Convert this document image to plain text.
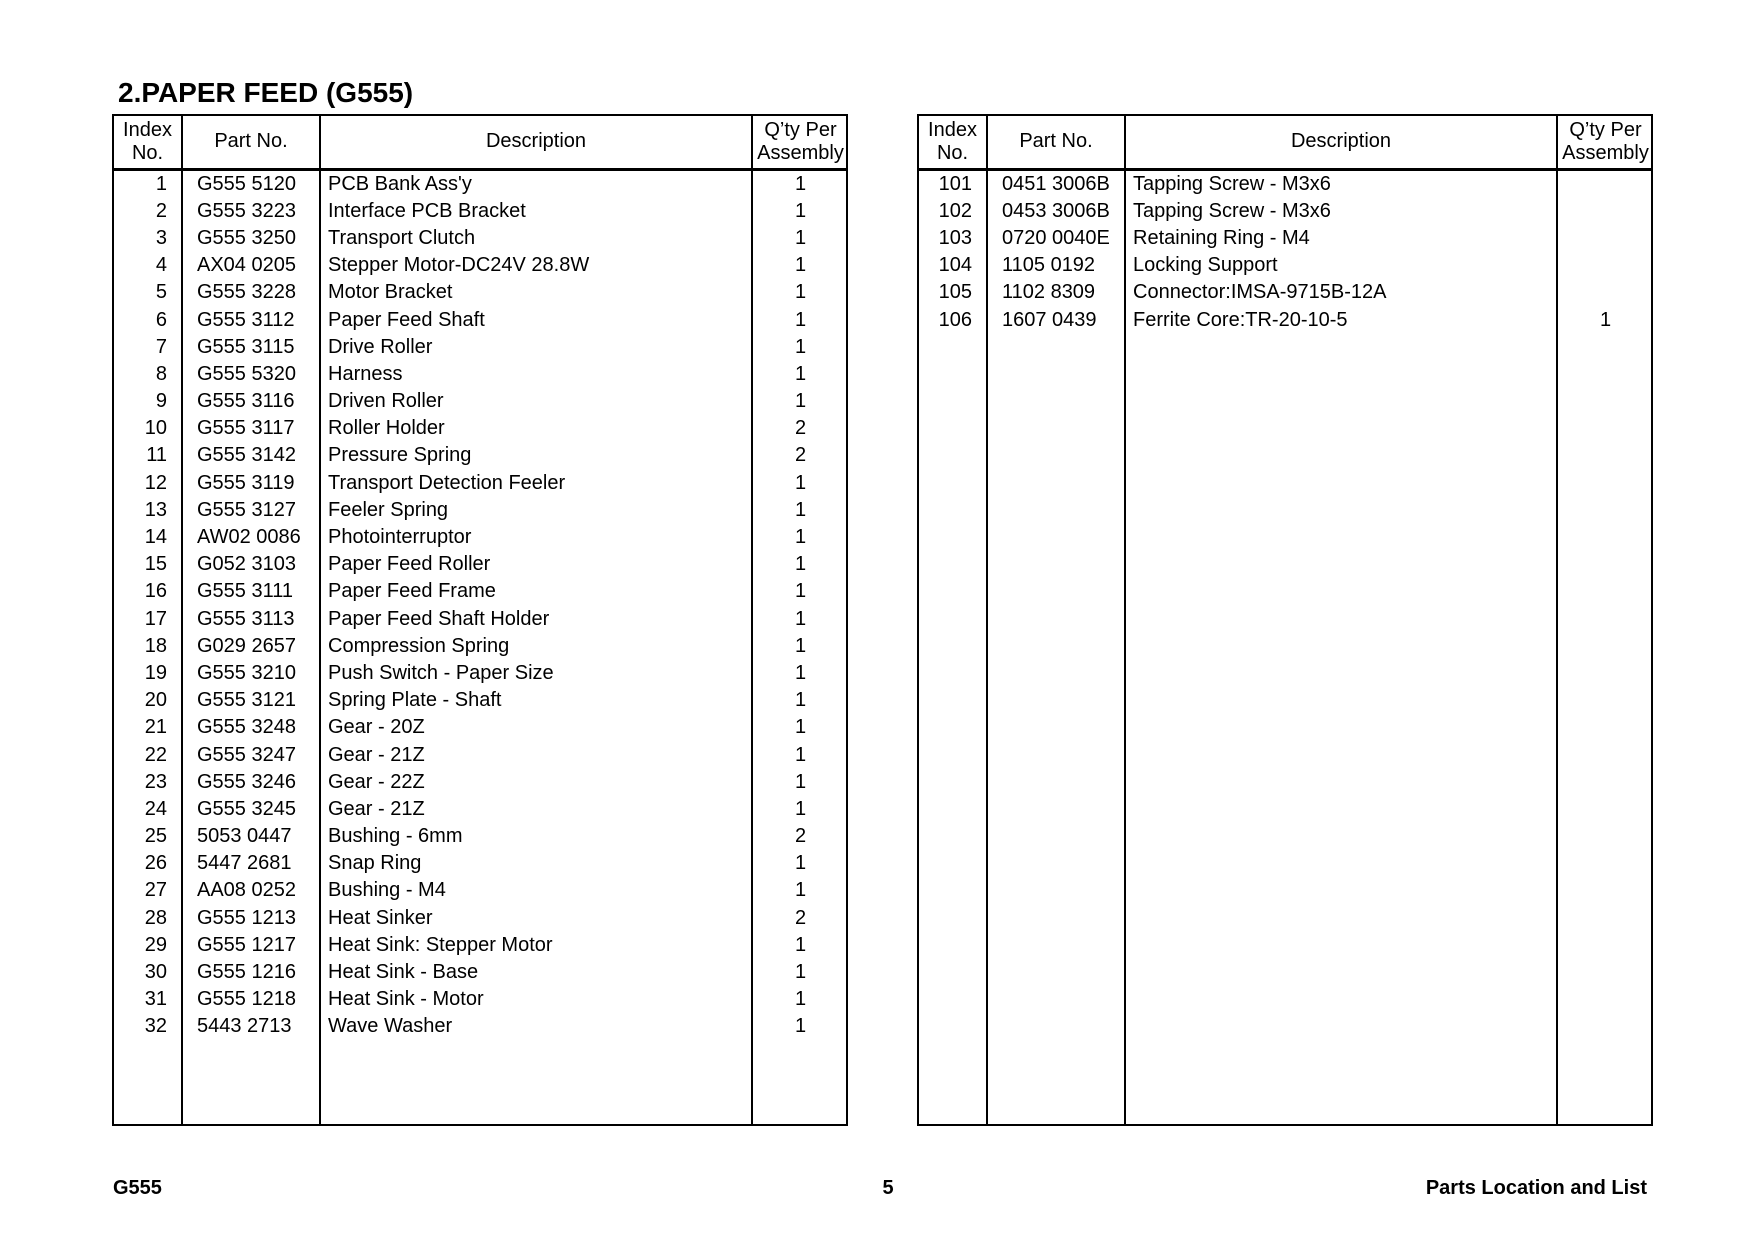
2.PAPER FEED (G555)
Index
No.	Part No.	Description	Q’ty Per
Assembly
1	G555 5120	PCB Bank Ass'y	1
2	G555 3223	Interface PCB Bracket	1
3	G555 3250	Transport Clutch	1
4	AX04 0205	Stepper Motor-DC24V 28.8W	1
5	G555 3228	Motor Bracket	1
6	G555 3112	Paper Feed Shaft	1
7	G555 3115	Drive Roller	1
8	G555 5320	Harness	1
9	G555 3116	Driven Roller	1
10	G555 3117	Roller Holder	2
11	G555 3142	Pressure Spring	2
12	G555 3119	Transport Detection Feeler	1
13	G555 3127	Feeler Spring	1
14	AW02 0086	Photointerruptor	1
15	G052 3103	Paper Feed Roller	1
16	G555 3111	Paper Feed Frame	1
17	G555 3113	Paper Feed Shaft Holder	1
18	G029 2657	Compression Spring	1
19	G555 3210	Push Switch - Paper Size	1
20	G555 3121	Spring Plate - Shaft	1
21	G555 3248	Gear - 20Z	1
22	G555 3247	Gear - 21Z	1
23	G555 3246	Gear - 22Z	1
24	G555 3245	Gear - 21Z	1
25	5053 0447	Bushing - 6mm	2
26	5447 2681	Snap Ring	1
27	AA08 0252	Bushing - M4	1
28	G555 1213	Heat Sinker	2
29	G555 1217	Heat Sink: Stepper Motor	1
30	G555 1216	Heat Sink - Base	1
31	G555 1218	Heat Sink - Motor	1
32	5443 2713	Wave Washer	1

Index
No.	Part No.	Description	Q’ty Per
Assembly
101	0451 3006B	Tapping Screw - M3x6	
102	0453 3006B	Tapping Screw - M3x6	
103	0720 0040E	Retaining Ring - M4	
104	1105 0192	Locking Support	
105	1102 8309	Connector:IMSA-9715B-12A	
106	1607 0439	Ferrite Core:TR-20-10-5	1

G555	5	Parts Location and List
